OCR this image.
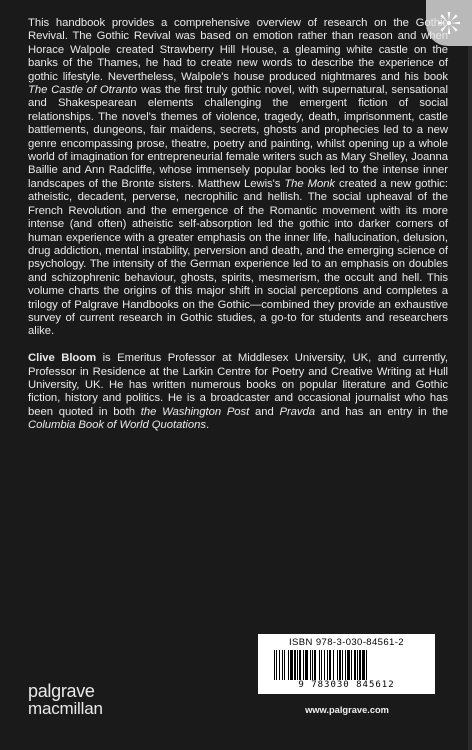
This handbook provides a comprehensive overview of research on the Gothic Revival. The Gothic Revival was based on emotion rather than reason and when Horace Walpole created Strawberry Hill House, a gleaming white castle on the banks of the Thames, he had to create new words to describe the experience of gothic lifestyle. Nevertheless, Walpole's house produced nightmares and his book The Castle of Otranto was the first truly gothic novel, with supernatural, sensational and Shakespearean elements challenging the emergent fiction of social relationships. The novel's themes of violence, tragedy, death, imprisonment, castle battlements, dungeons, fair maidens, secrets, ghosts and prophecies led to a new genre encompassing prose, theatre, poetry and painting, whilst opening up a whole world of imagination for entrepreneurial female writers such as Mary Shelley, Joanna Baillie and Ann Radcliffe, whose immensely popular books led to the intense inner landscapes of the Bronte sisters. Matthew Lewis's The Monk created a new gothic: atheistic, decadent, perverse, necrophilic and hellish. The social upheaval of the French Revolution and the emergence of the Romantic movement with its more intense (and often) atheistic self-absorption led the gothic into darker corners of human experience with a greater emphasis on the inner life, hallucination, delusion, drug addiction, mental instability, perversion and death, and the emerging science of psychology. The intensity of the German experience led to an emphasis on doubles and schizophrenic behaviour, ghosts, spirits, mesmerism, the occult and hell. This volume charts the origins of this major shift in social perceptions and completes a trilogy of Palgrave Handbooks on the Gothic—combined they provide an exhaustive survey of current research in Gothic studies, a go-to for students and researchers alike.

Clive Bloom is Emeritus Professor at Middlesex University, UK, and currently, Professor in Residence at the Larkin Centre for Poetry and Creative Writing at Hull University, UK. He has written numerous books on popular literature and Gothic fiction, history and politics. He is a broadcaster and occasional journalist who has been quoted in both the Washington Post and Pravda and has an entry in the Columbia Book of World Quotations.

ISBN 978-3-030-84561-2
9 783030 845612
palgrave
macmillan	www.palgrave.com
